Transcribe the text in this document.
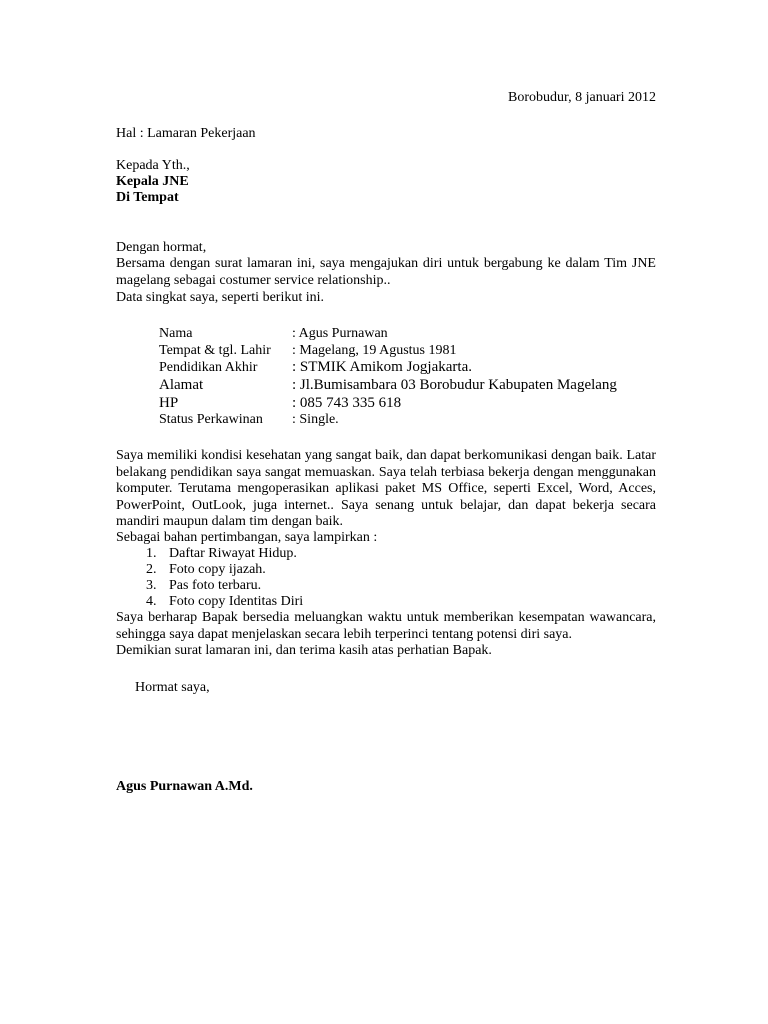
Borobudur, 8 januari 2012
Hal : Lamaran Pekerjaan
Kepada Yth.,
Kepala JNE
Di Tempat
Dengan hormat,
Bersama dengan surat lamaran ini, saya mengajukan diri untuk bergabung ke dalam Tim JNE
magelang sebagai costumer service relationship..
Data singkat saya, seperti berikut ini.
Nama	: Agus Purnawan
Tempat & tgl. Lahir : Magelang, 19 Agustus 1981
Pendidikan Akhir : STMIK Amikom Jogjakarta.
Alamat	: Jl.Bumisambara 03 Borobudur Kabupaten Magelang
HP	: 085 743 335 618
Status Perkawinan : Single.
Saya memiliki kondisi kesehatan yang sangat baik, dan dapat berkomunikasi dengan baik. Latar belakang pendidikan saya sangat memuaskan. Saya telah terbiasa bekerja dengan menggunakan komputer. Terutama mengoperasikan aplikasi paket MS Office, seperti Excel, Word, Acces, PowerPoint, OutLook, juga internet.. Saya senang untuk belajar, dan dapat bekerja secara mandiri maupun dalam tim dengan baik.
Sebagai bahan pertimbangan, saya lampirkan :
1. Daftar Riwayat Hidup.
2. Foto copy ijazah.
3. Pas foto terbaru.
4. Foto copy Identitas Diri
Saya berharap Bapak bersedia meluangkan waktu untuk memberikan kesempatan wawancara, sehingga saya dapat menjelaskan secara lebih terperinci tentang potensi diri saya.
Demikian surat lamaran ini, dan terima kasih atas perhatian Bapak.
Hormat saya,
Agus Purnawan A.Md.
